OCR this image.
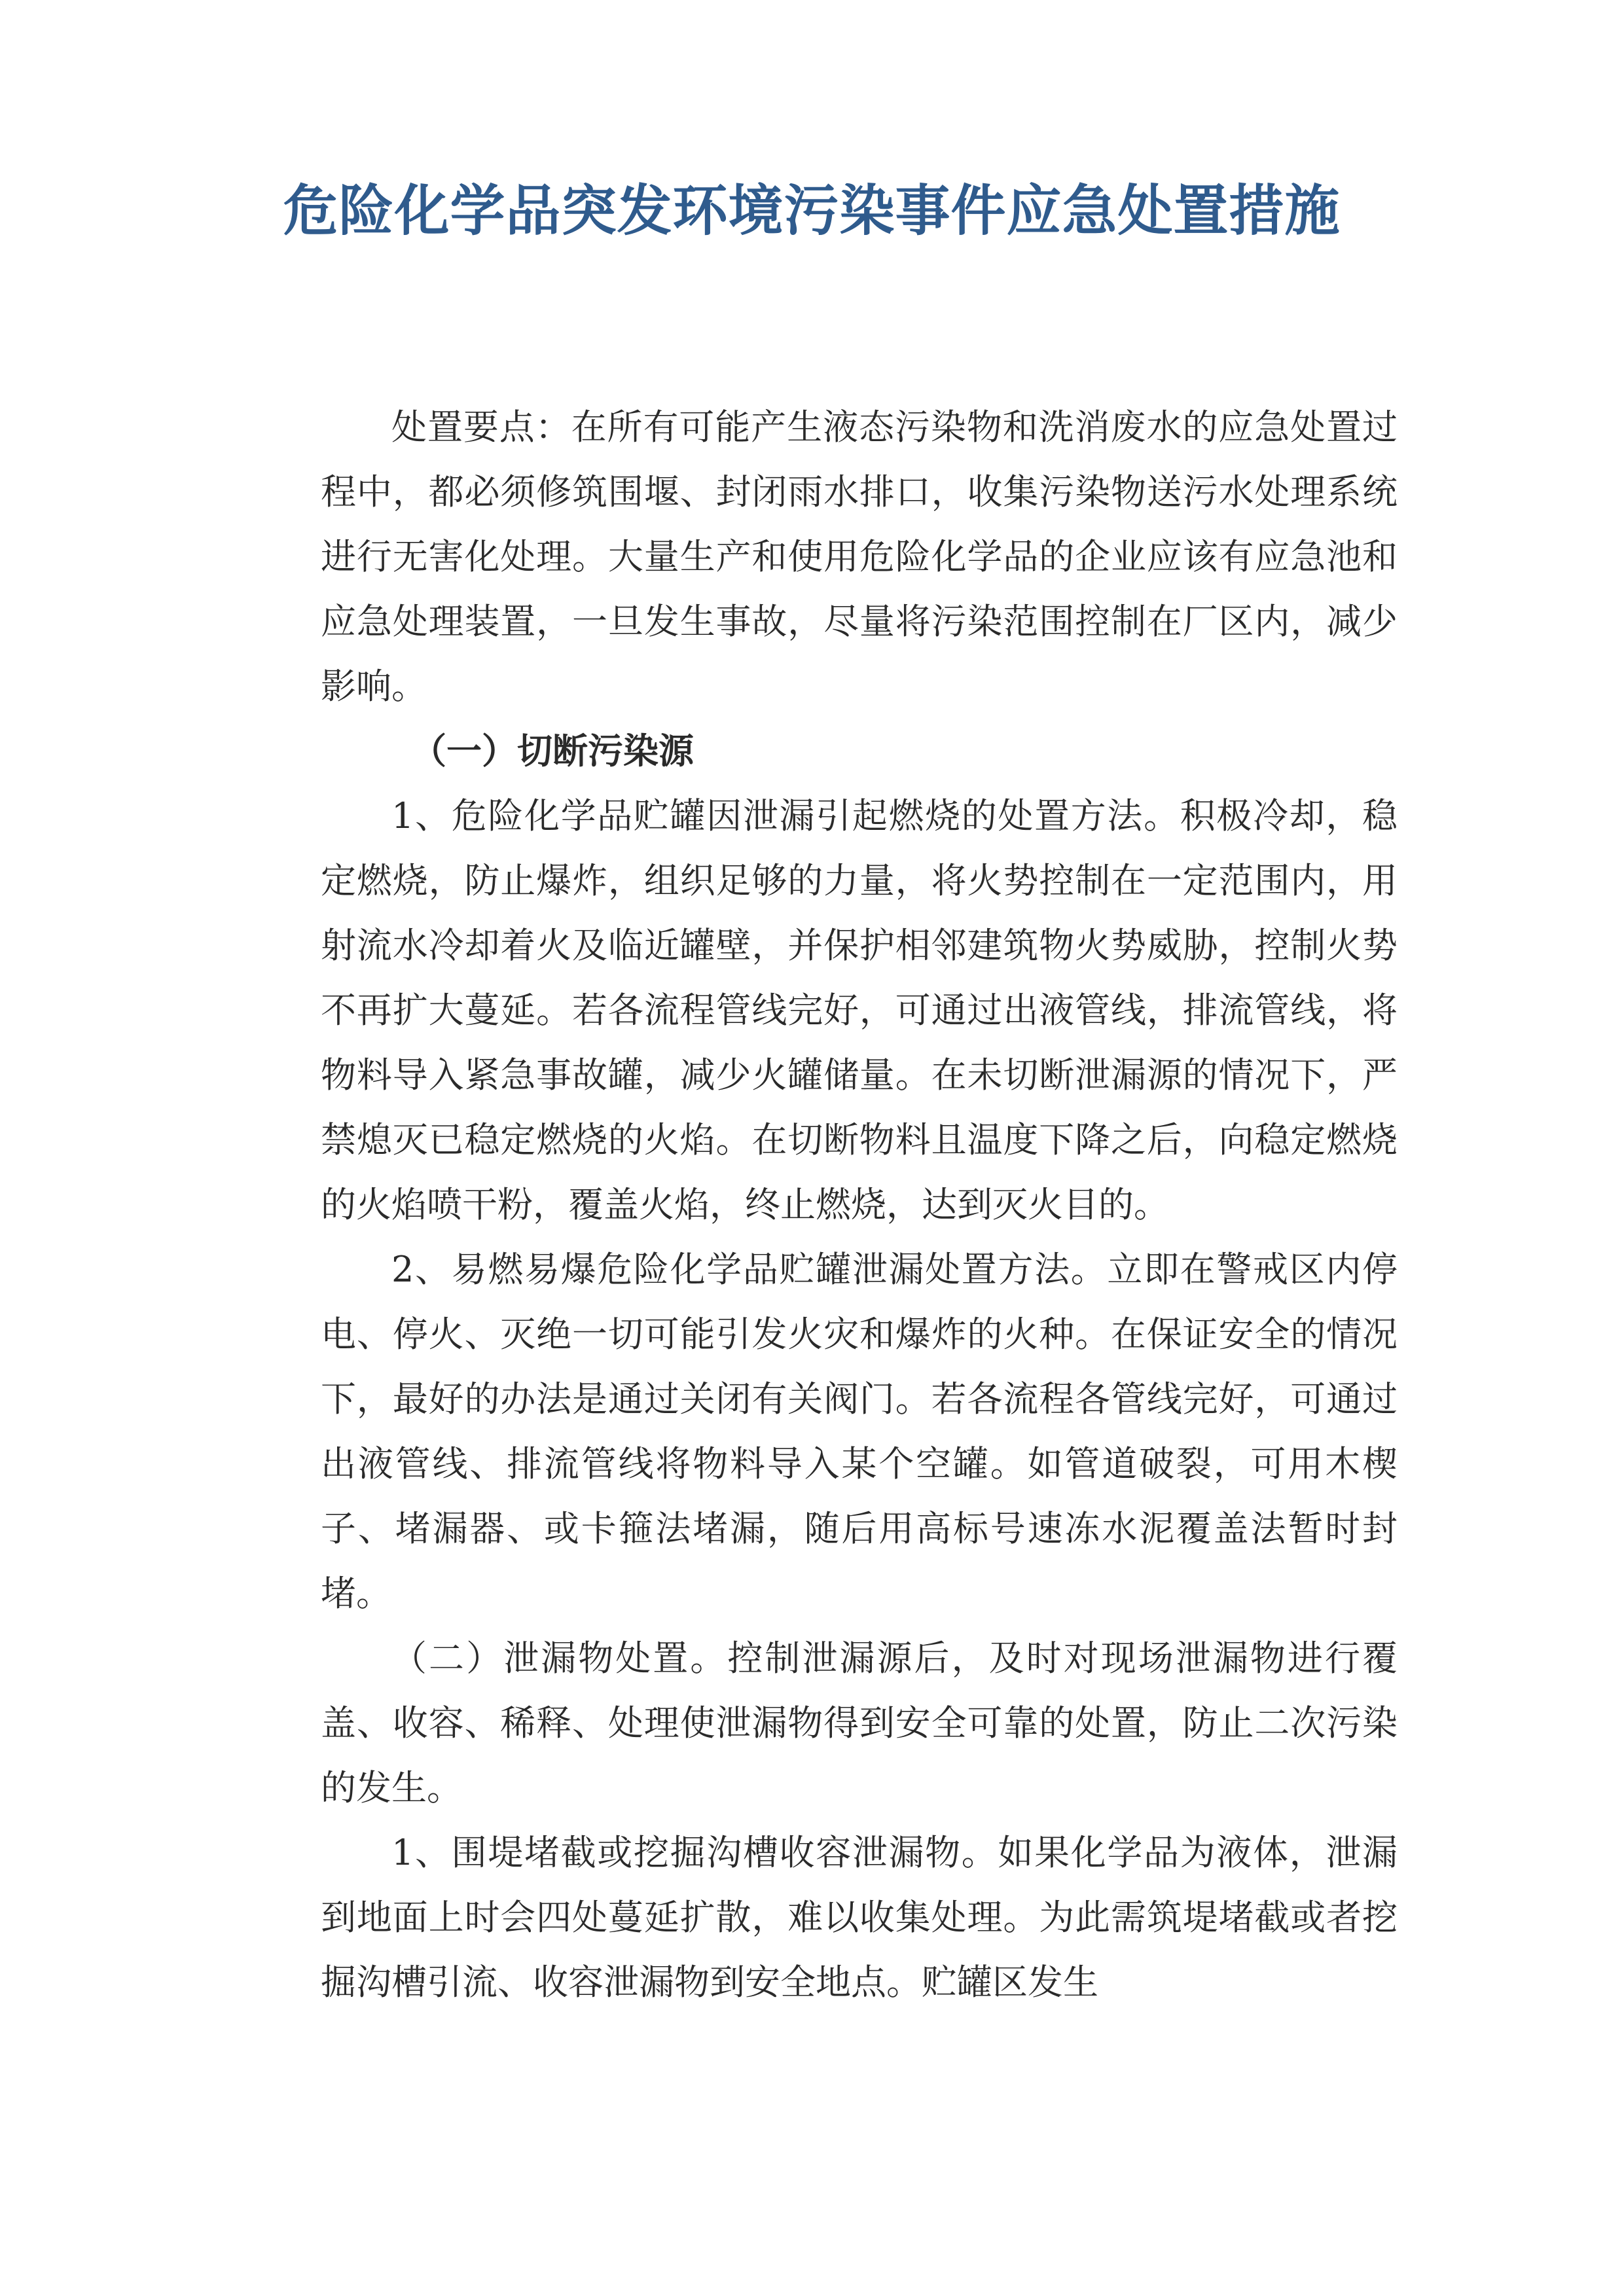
危险化学品突发环境污染事件应急处置措施

处置要点：在所有可能产生液态污染物和洗消废水的应急处置过程中，都必须修筑围堰、封闭雨水排口，收集污染物送污水处理系统进行无害化处理。大量生产和使用危险化学品的企业应该有应急池和应急处理装置，一旦发生事故，尽量将污染范围控制在厂区内，减少影响。

（一）切断污染源

1、危险化学品贮罐因泄漏引起燃烧的处置方法。积极冷却，稳定燃烧，防止爆炸，组织足够的力量，将火势控制在一定范围内，用射流水冷却着火及临近罐壁，并保护相邻建筑物火势威胁，控制火势不再扩大蔓延。若各流程管线完好，可通过出液管线，排流管线，将物料导入紧急事故罐，减少火罐储量。在未切断泄漏源的情况下，严禁熄灭已稳定燃烧的火焰。在切断物料且温度下降之后，向稳定燃烧的火焰喷干粉，覆盖火焰，终止燃烧，达到灭火目的。

2、易燃易爆危险化学品贮罐泄漏处置方法。立即在警戒区内停电、停火、灭绝一切可能引发火灾和爆炸的火种。在保证安全的情况下，最好的办法是通过关闭有关阀门。若各流程各管线完好，可通过出液管线、排流管线将物料导入某个空罐。如管道破裂，可用木楔子、堵漏器、或卡箍法堵漏，随后用高标号速冻水泥覆盖法暂时封堵。

（二）泄漏物处置。控制泄漏源后，及时对现场泄漏物进行覆盖、收容、稀释、处理使泄漏物得到安全可靠的处置，防止二次污染的发生。

1、围堤堵截或挖掘沟槽收容泄漏物。如果化学品为液体，泄漏到地面上时会四处蔓延扩散，难以收集处理。为此需筑堤堵截或者挖掘沟槽引流、收容泄漏物到安全地点。贮罐区发生
